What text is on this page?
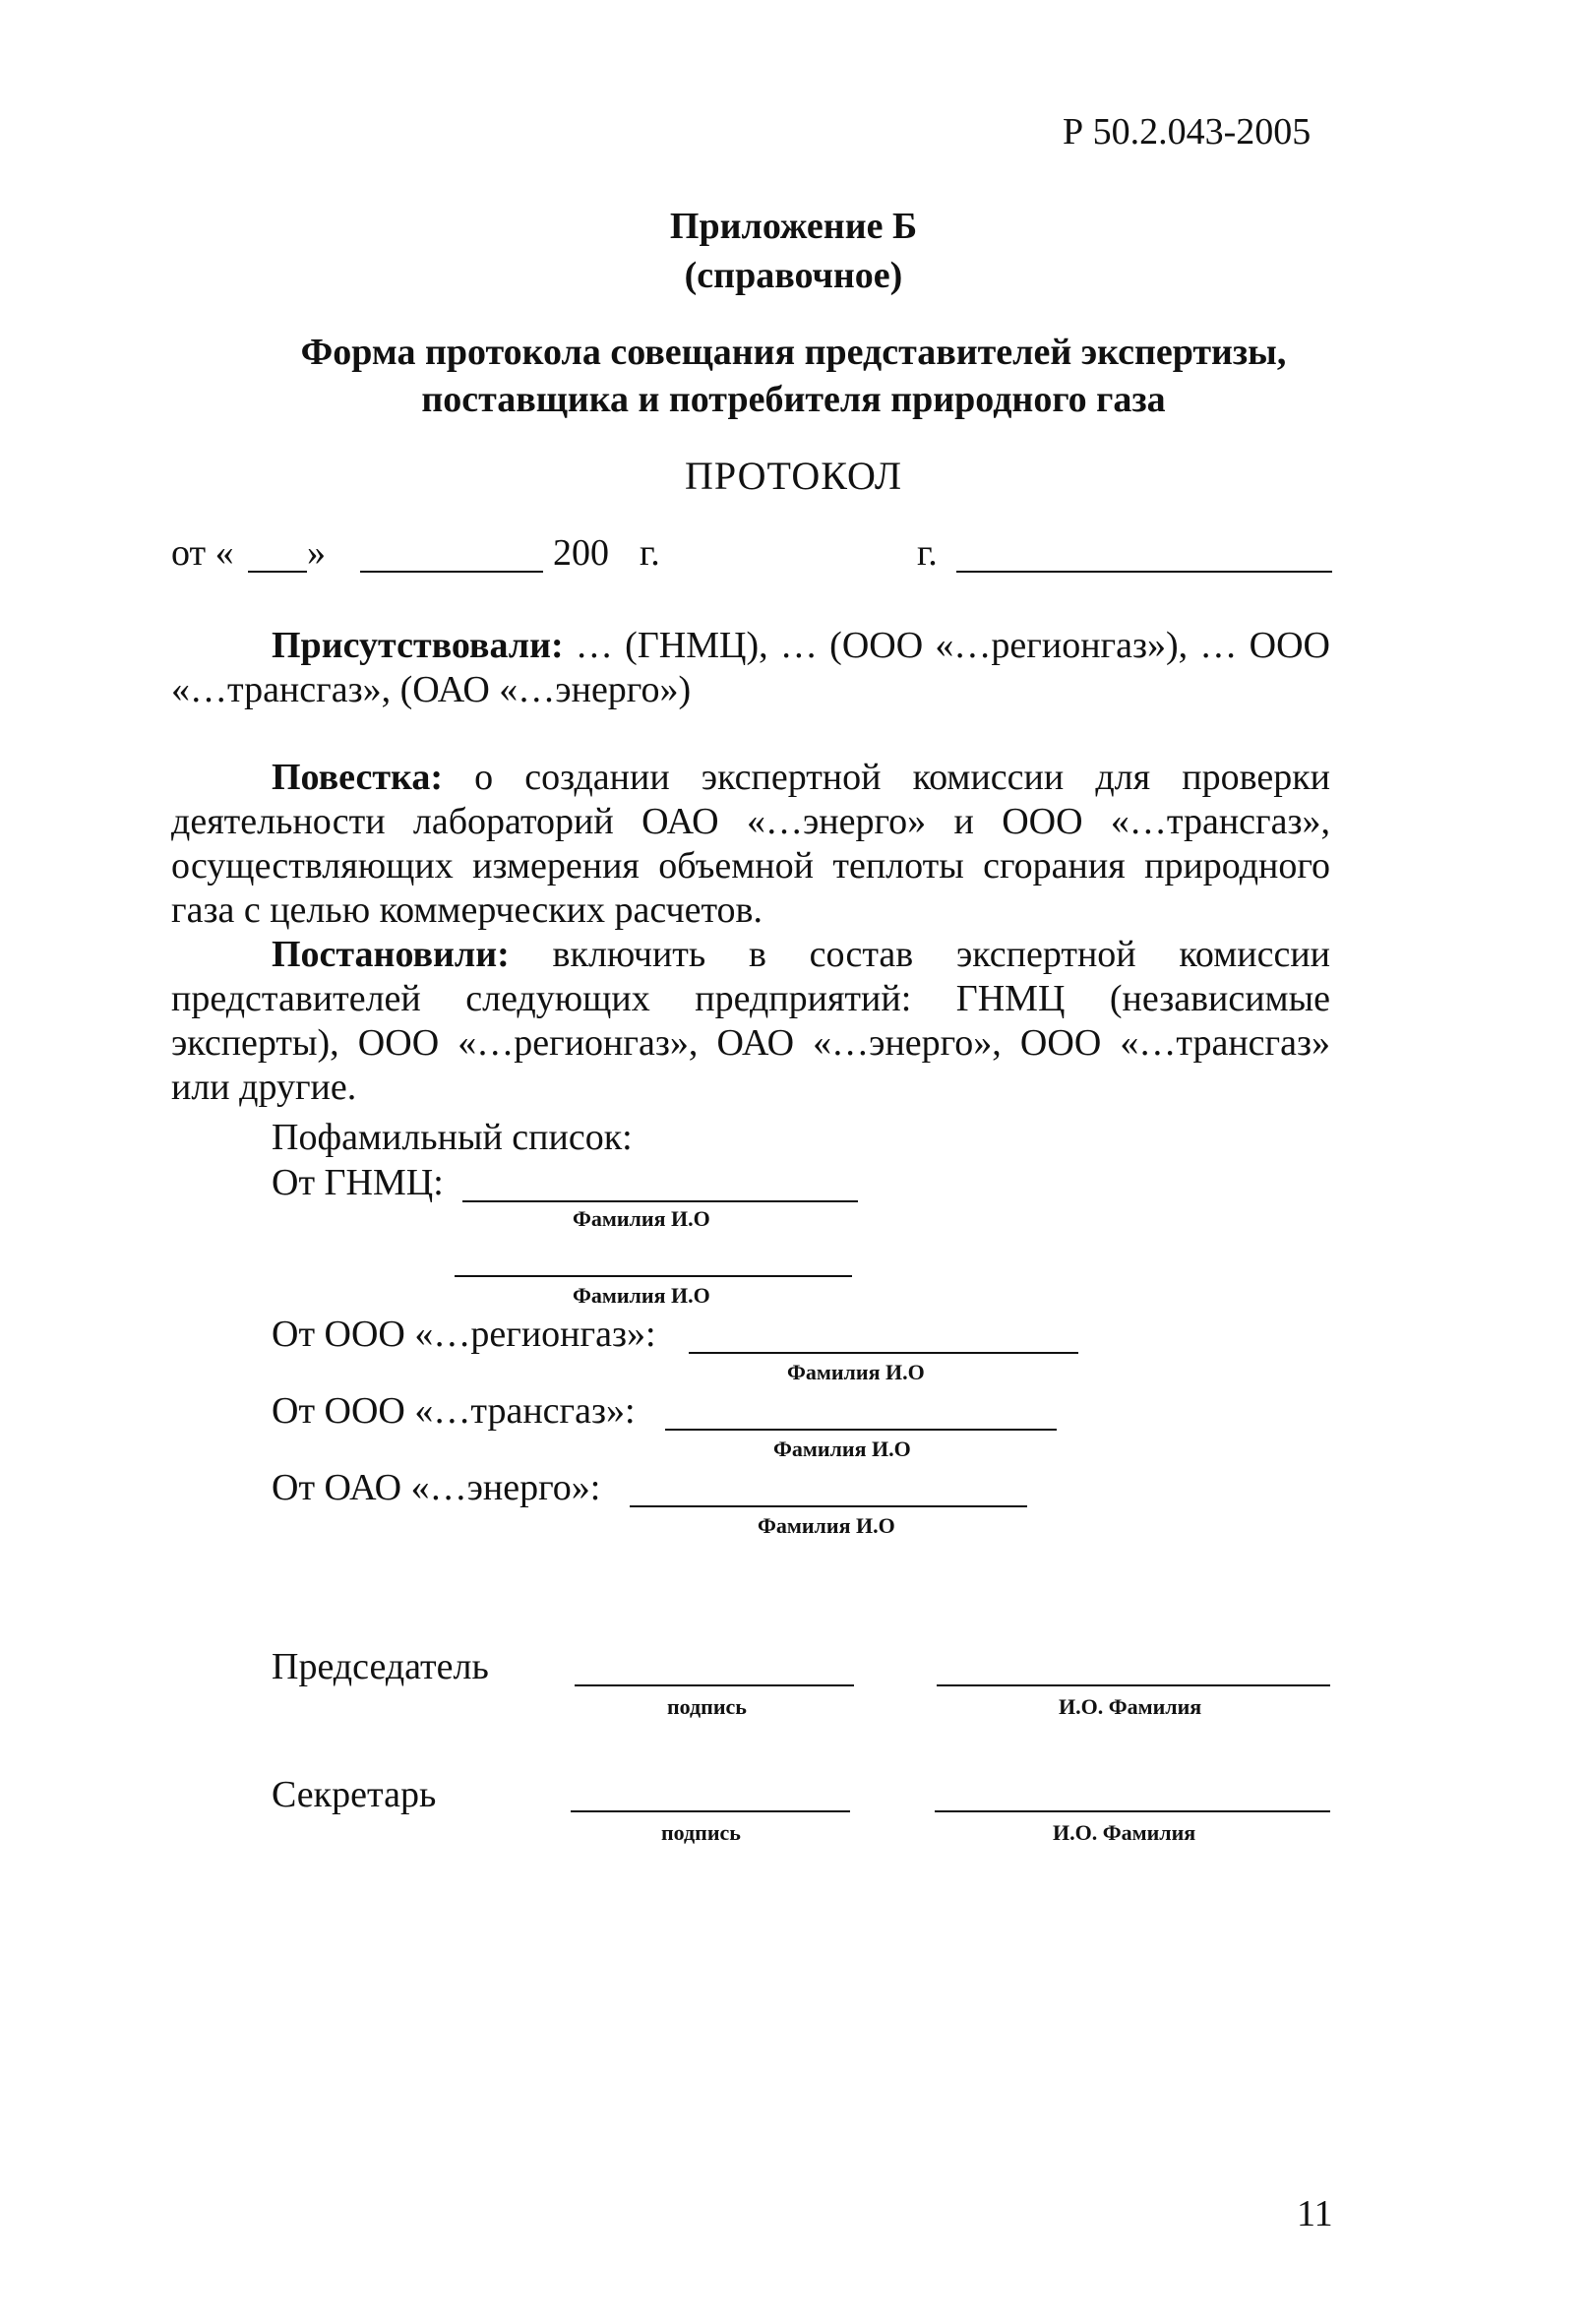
Р 50.2.043-2005
Приложение Б
(справочное)
Форма протокола совещания представителей экспертизы,
поставщика и потребителя природного газа
ПРОТОКОЛ
от « »	200 г.	г.
Присутствовали: … (ГНМЦ), … (ООО «…регионгаз»), … ООО «…трансгаз», (ОАО «…энерго»)
Повестка: о создании экспертной комиссии для проверки деятельности лабораторий ОАО «…энерго» и ООО «…трансгаз», осуществляющих измерения объемной теплоты сгорания природного газа с целью коммерческих расчетов.
Постановили: включить в состав экспертной комиссии представителей следующих предприятий: ГНМЦ (независимые эксперты), ООО «…регионгаз», ОАО «…энерго», ООО «…трансгаз» или другие.
Пофамильный список:
От ГНМЦ:
Фамилия И.О
Фамилия И.О
От ООО «…регионгаз»:
Фамилия И.О
От ООО «…трансгаз»:
Фамилия И.О
От ОАО «…энерго»:
Фамилия И.О
Председатель
подпись	И.О. Фамилия
Секретарь
подпись	И.О. Фамилия
11
